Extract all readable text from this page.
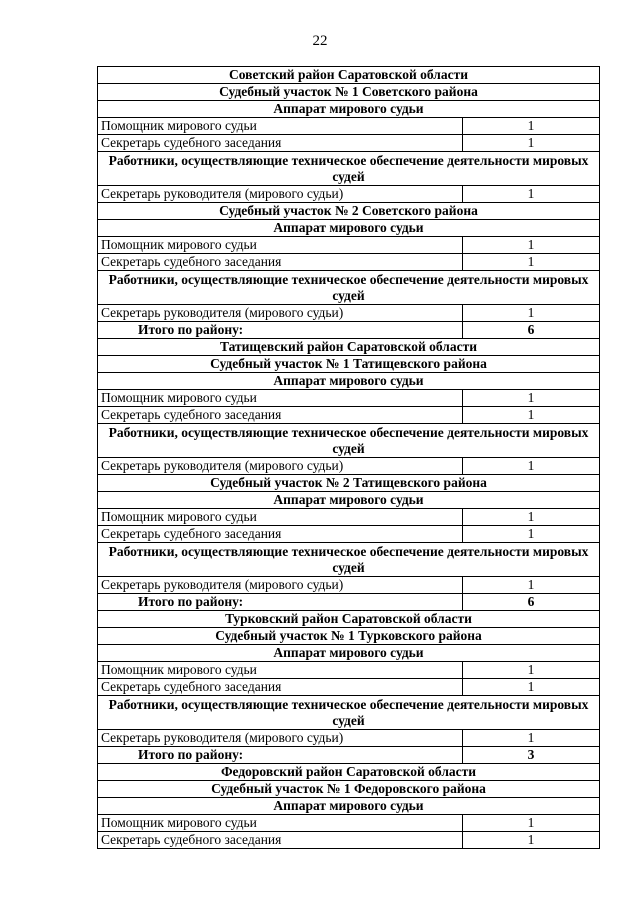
22
Советский район Саратовской области	
Судебный участок № 1 Советского района	
Аппарат мирового судьи	
Помощник мирового судьи	1
Секретарь судебного заседания	1
Работники, осуществляющие техническое обеспечение деятельности мировых судей	
Секретарь руководителя (мирового судьи)	1
Судебный участок № 2 Советского района	
Аппарат мирового судьи	
Помощник мирового судьи	1
Секретарь судебного заседания	1
Работники, осуществляющие техническое обеспечение деятельности мировых судей	
Секретарь руководителя (мирового судьи)	1
Итого по району:	6
Татищевский район Саратовской области	
Судебный участок № 1 Татищевского района	
Аппарат мирового судьи	
Помощник мирового судьи	1
Секретарь судебного заседания	1
Работники, осуществляющие техническое обеспечение деятельности мировых судей	
Секретарь руководителя (мирового судьи)	1
Судебный участок № 2 Татищевского района	
Аппарат мирового судьи	
Помощник мирового судьи	1
Секретарь судебного заседания	1
Работники, осуществляющие техническое обеспечение деятельности мировых судей	
Секретарь руководителя (мирового судьи)	1
Итого по району:	6
Турковский район Саратовской области	
Судебный участок № 1 Турковского района	
Аппарат мирового судьи	
Помощник мирового судьи	1
Секретарь судебного заседания	1
Работники, осуществляющие техническое обеспечение деятельности мировых судей	
Секретарь руководителя (мирового судьи)	1
Итого по району:	3
Федоровский район Саратовской области	
Судебный участок № 1 Федоровского района	
Аппарат мирового судьи	
Помощник мирового судьи	1
Секретарь судебного заседания	1
